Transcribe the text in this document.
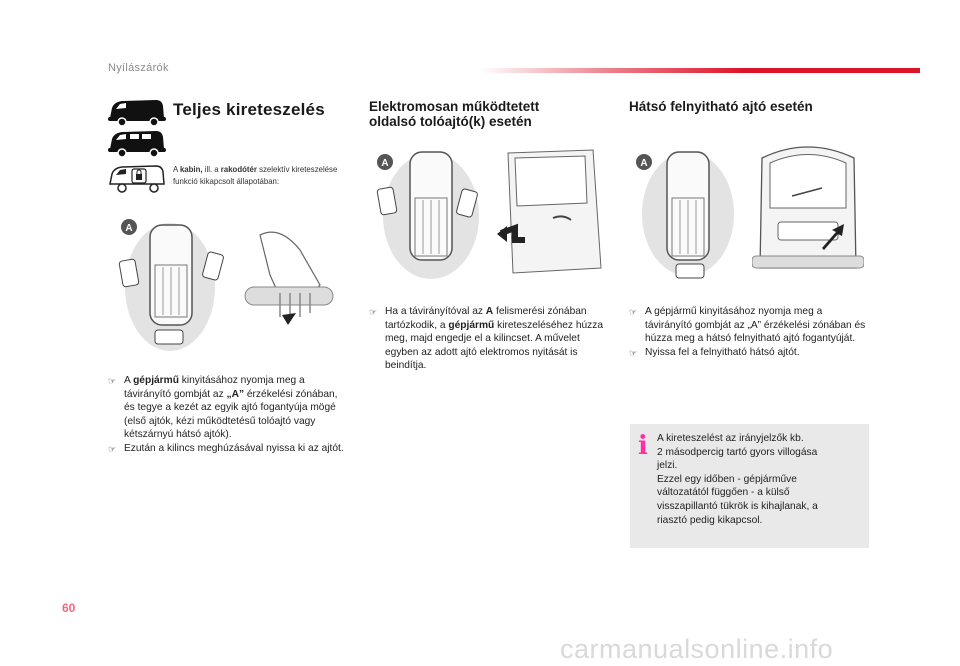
Nyílászárók
Teljes kireteszelés
A kabin, ill. a rakodótér szelektív kireteszelése funkció kikapcsolt állapotában:
A
☞ A gépjármű kinyitásához nyomja meg a távirányító gombját az „A” érzékelési zónában, és tegye a kezét az egyik ajtó fogantyúja mögé (első ajtók, kézi működtetésű tolóajtó vagy kétszárnyú hátsó ajtók).
☞ Ezután a kilincs meghúzásával nyissa ki az ajtót.
Elektromosan működtetett
oldalsó tolóajtó(k) esetén
A
☞ Ha a távirányítóval az A felismerési zónában tartózkodik, a gépjármű kireteszeléséhez húzza meg, majd engedje el a kilincset. A művelet egyben az adott ajtó elektromos nyitását is beindítja.
Hátsó felnyitható ajtó esetén
A
☞ A gépjármű kinyitásához nyomja meg a távirányító gombját az „A” érzékelési zónában és húzza meg a hátsó felnyitható ajtó fogantyúját.
☞ Nyissa fel a felnyitható hátsó ajtót.
i A kireteszelést az irányjelzők kb.
2 másodpercig tartó gyors villogása
jelzi.
Ezzel egy időben - gépjárműve
változatától függően - a külső
visszapillantó tükrök is kihajlanak, a
riasztó pedig kikapcsol.
60
carmanualsonline.info
